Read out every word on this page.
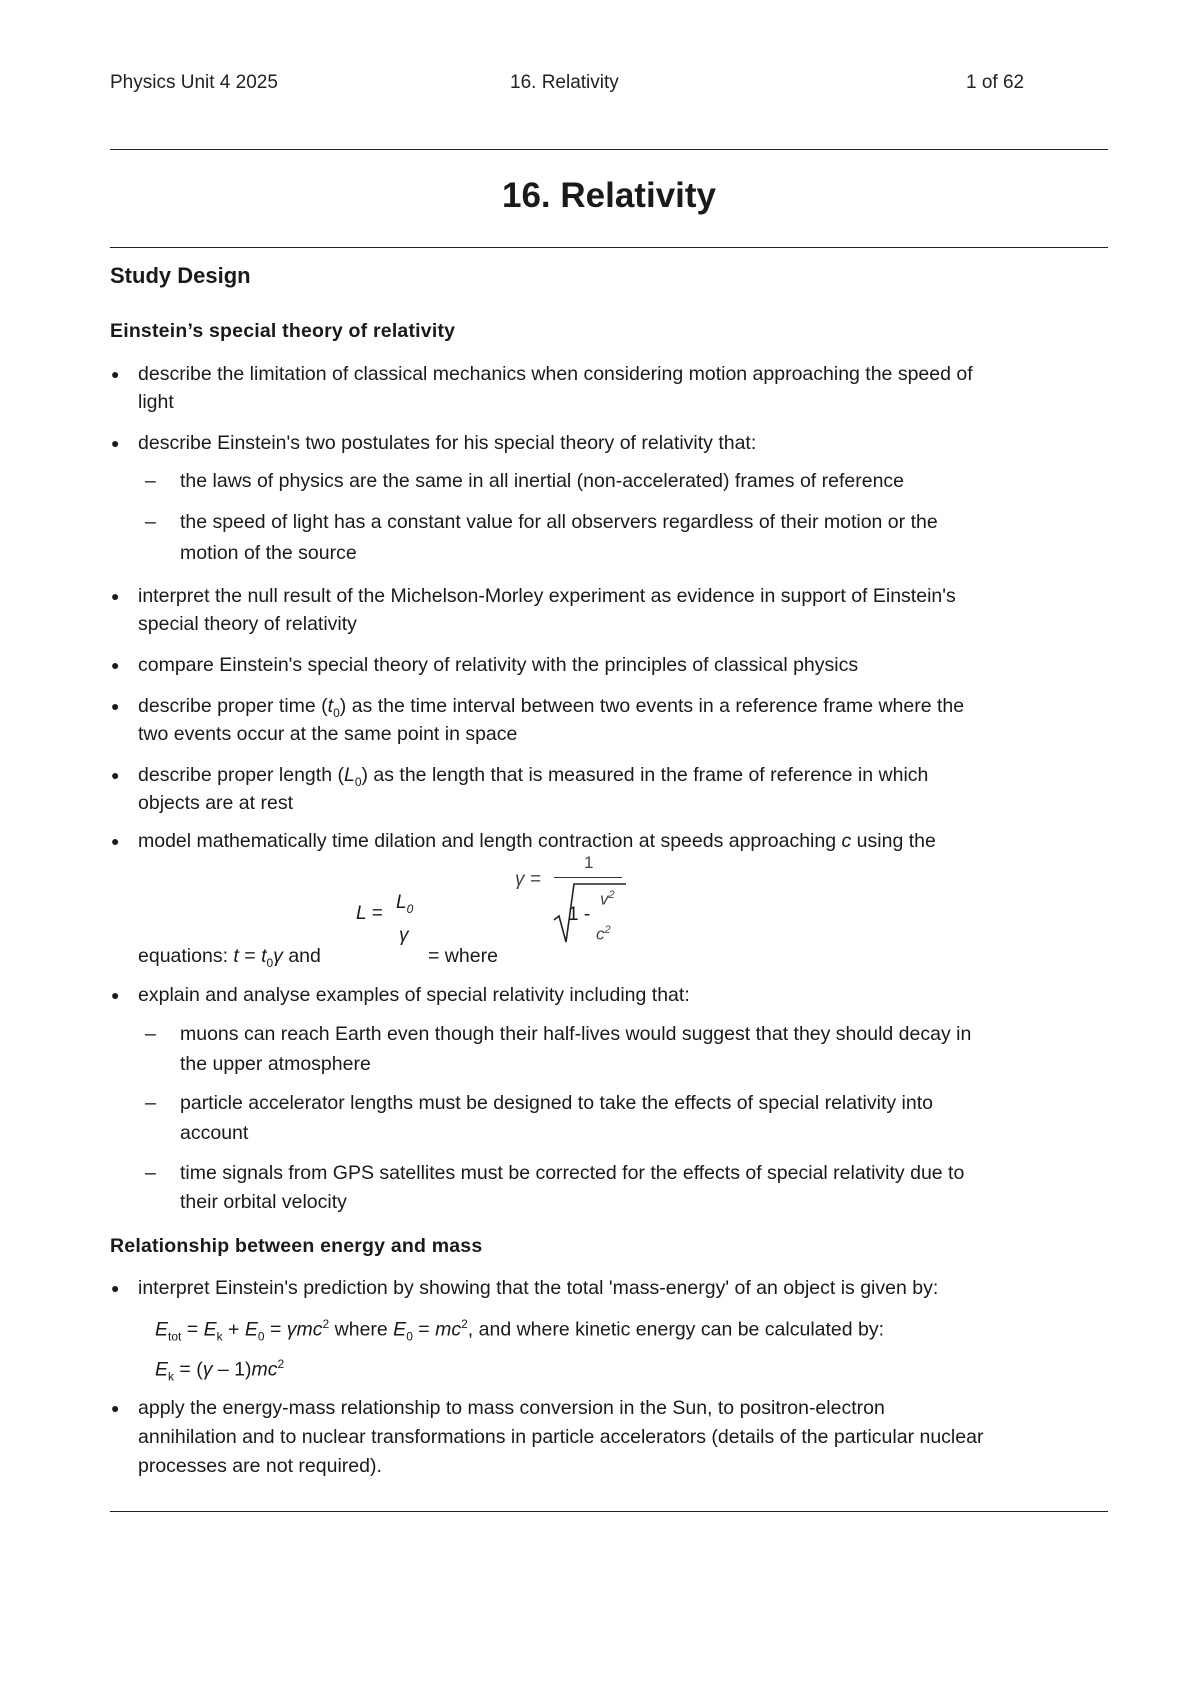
Physics Unit 4 2025	16. Relativity	1 of 62
16. Relativity
Study Design
Einstein’s special theory of relativity
● describe the limitation of classical mechanics when considering motion approaching the speed of
light
● describe Einstein's two postulates for his special theory of relativity that:
– the laws of physics are the same in all inertial (non-accelerated) frames of reference
– the speed of light has a constant value for all observers regardless of their motion or the
motion of the source
● interpret the null result of the Michelson-Morley experiment as evidence in support of Einstein's
special theory of relativity
● compare Einstein's special theory of relativity with the principles of classical physics
● describe proper time $(t_0)$ as the time interval between two events in a reference frame where the
two events occur at the same point in space
● describe proper length $(L_0)$ as the length that is measured in the frame of reference in which
objects are at rest
● model mathematically time dilation and length contraction at speeds approaching c using the
L =
$L_0$
γ
γ =
1
1 -
$v^2$
$c^2$
equations: $t = t_0\gamma$ and	= where
● explain and analyse examples of special relativity including that:
– muons can reach Earth even though their half-lives would suggest that they should decay in
the upper atmosphere
– particle accelerator lengths must be designed to take the effects of special relativity into
account
– time signals from GPS satellites must be corrected for the effects of special relativity due to
their orbital velocity
Relationship between energy and mass
● interpret Einstein's prediction by showing that the total 'mass-energy' of an object is given by:
$E_{tot} = E_k + E_0 = \gamma mc^2$ where $E_0 = mc^2$, and where kinetic energy can be calculated by:
$E_k = (\gamma - 1)mc^2$
● apply the energy-mass relationship to mass conversion in the Sun, to positron-electron
annihilation and to nuclear transformations in particle accelerators (details of the particular nuclear
processes are not required).
